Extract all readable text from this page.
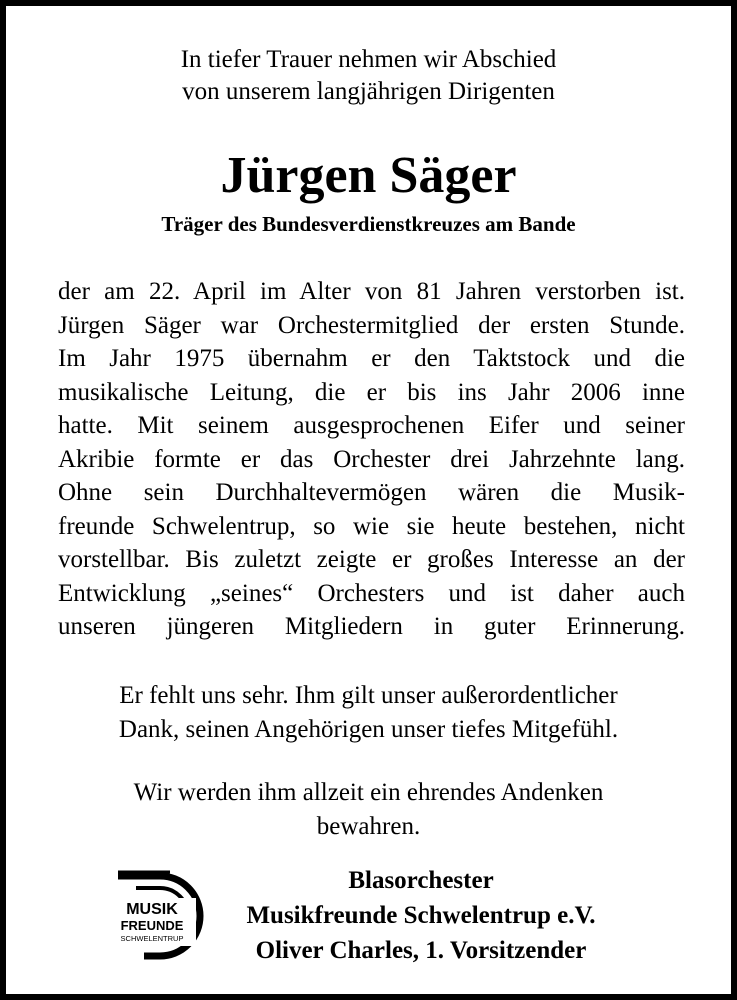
In tiefer Trauer nehmen wir Abschied
von unserem langjährigen Dirigenten
Jürgen Säger
Träger des Bundesverdienstkreuzes am Bande
der am 22. April im Alter von 81 Jahren verstorben ist.
Jürgen Säger war Orchestermitglied der ersten Stunde.
Im Jahr 1975 übernahm er den Taktstock und die
musikalische Leitung, die er bis ins Jahr 2006 inne
hatte. Mit seinem ausgesprochenen Eifer und seiner
Akribie formte er das Orchester drei Jahrzehnte lang.
Ohne sein Durchhaltevermögen wären die Musik-
freunde Schwelentrup, so wie sie heute bestehen, nicht
vorstellbar. Bis zuletzt zeigte er großes Interesse an der
Entwicklung „seines“ Orchesters und ist daher auch
unseren jüngeren Mitgliedern in guter Erinnerung.
Er fehlt uns sehr. Ihm gilt unser außerordentlicher
Dank, seinen Angehörigen unser tiefes Mitgefühl.
Wir werden ihm allzeit ein ehrendes Andenken
bewahren.
MUSIK
FREUNDE
SCHWELENTRUP
Blasorchester
Musikfreunde Schwelentrup e.V.
Oliver Charles, 1. Vorsitzender
